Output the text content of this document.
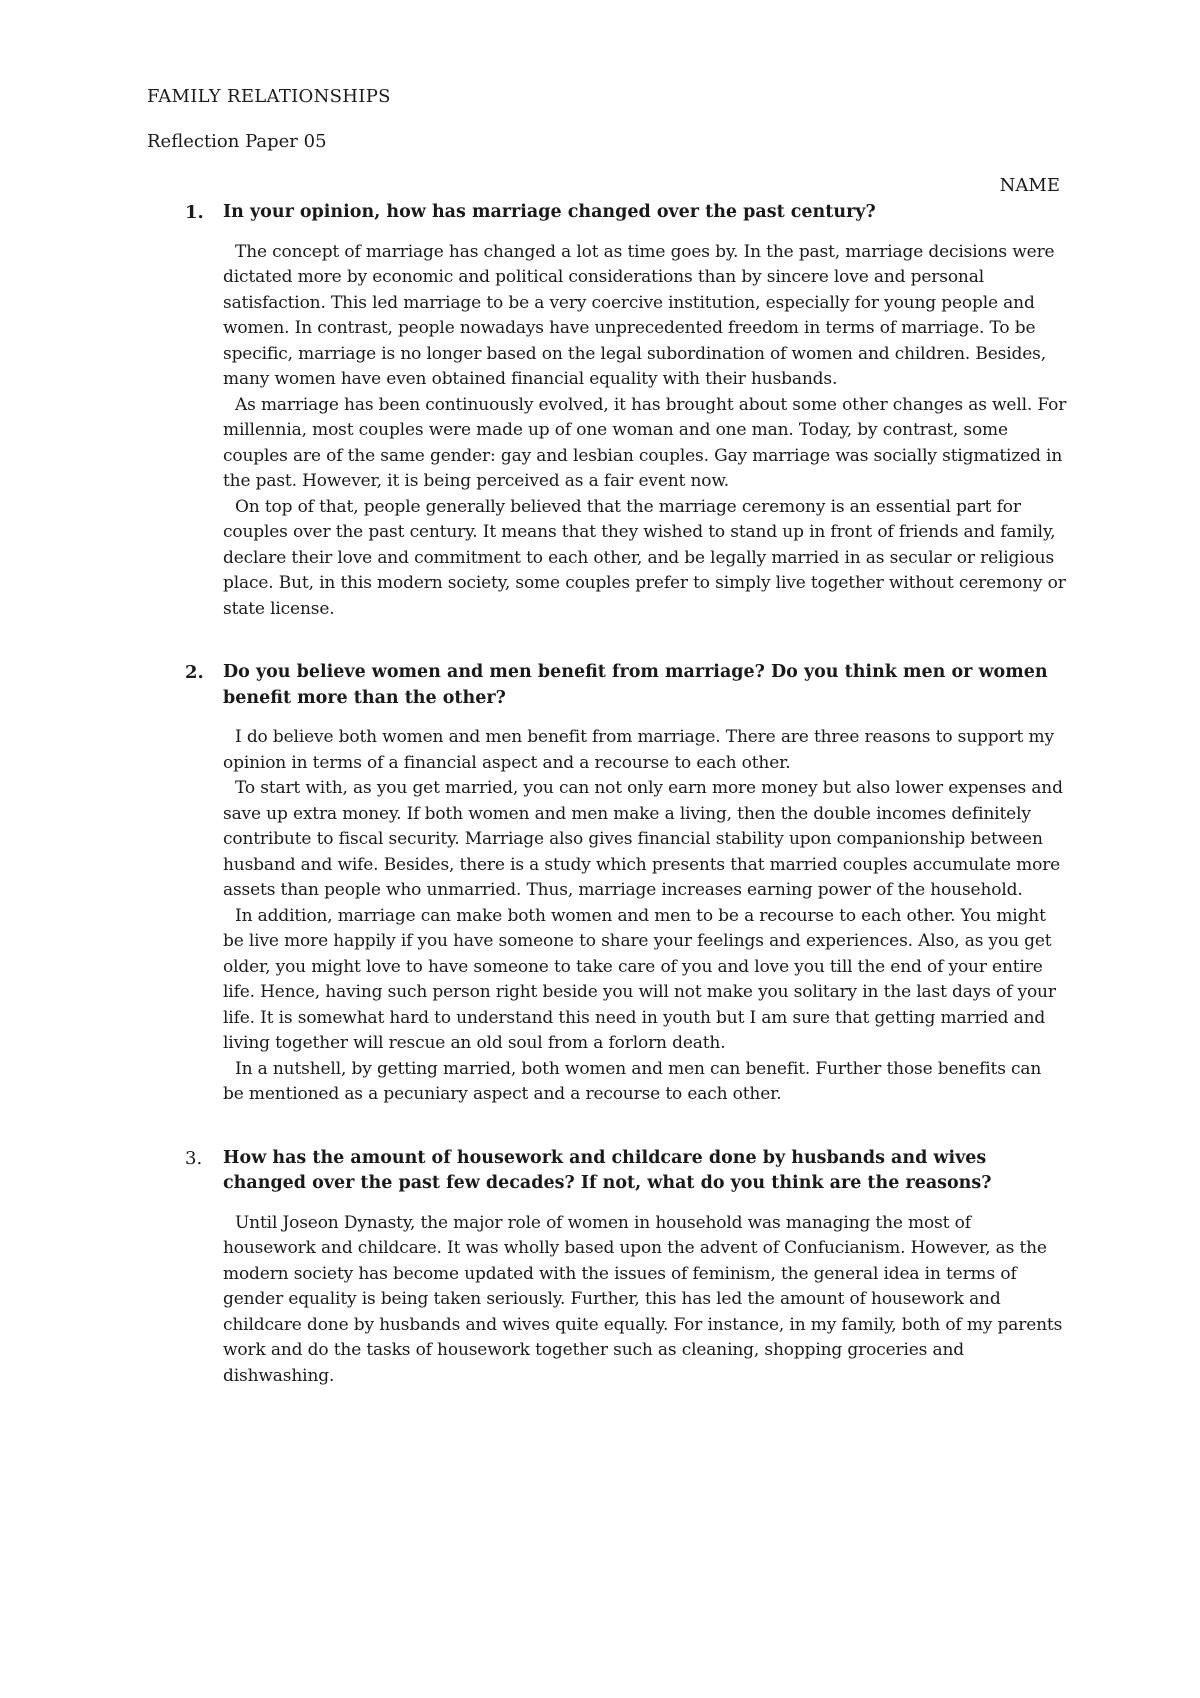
FAMILY RELATIONSHIPS

Reflection Paper 05

NAME

1. In your opinion, how has marriage changed over the past century?

The concept of marriage has changed a lot as time goes by. In the past, marriage decisions were dictated more by economic and political considerations than by sincere love and personal satisfaction. This led marriage to be a very coercive institution, especially for young people and women. In contrast, people nowadays have unprecedented freedom in terms of marriage. To be specific, marriage is no longer based on the legal subordination of women and children. Besides, many women have even obtained financial equality with their husbands.

As marriage has been continuously evolved, it has brought about some other changes as well. For millennia, most couples were made up of one woman and one man. Today, by contrast, some couples are of the same gender: gay and lesbian couples. Gay marriage was socially stigmatized in the past. However, it is being perceived as a fair event now.

On top of that, people generally believed that the marriage ceremony is an essential part for couples over the past century. It means that they wished to stand up in front of friends and family, declare their love and commitment to each other, and be legally married in as secular or religious place. But, in this modern society, some couples prefer to simply live together without ceremony or state license.

2. Do you believe women and men benefit from marriage? Do you think men or women benefit more than the other?

I do believe both women and men benefit from marriage. There are three reasons to support my opinion in terms of a financial aspect and a recourse to each other.

To start with, as you get married, you can not only earn more money but also lower expenses and save up extra money. If both women and men make a living, then the double incomes definitely contribute to fiscal security. Marriage also gives financial stability upon companionship between husband and wife. Besides, there is a study which presents that married couples accumulate more assets than people who unmarried. Thus, marriage increases earning power of the household.

In addition, marriage can make both women and men to be a recourse to each other. You might be live more happily if you have someone to share your feelings and experiences. Also, as you get older, you might love to have someone to take care of you and love you till the end of your entire life. Hence, having such person right beside you will not make you solitary in the last days of your life. It is somewhat hard to understand this need in youth but I am sure that getting married and living together will rescue an old soul from a forlorn death.

In a nutshell, by getting married, both women and men can benefit. Further those benefits can be mentioned as a pecuniary aspect and a recourse to each other.

3. How has the amount of housework and childcare done by husbands and wives changed over the past few decades? If not, what do you think are the reasons?

Until Joseon Dynasty, the major role of women in household was managing the most of housework and childcare. It was wholly based upon the advent of Confucianism. However, as the modern society has become updated with the issues of feminism, the general idea in terms of gender equality is being taken seriously. Further, this has led the amount of housework and childcare done by husbands and wives quite equally. For instance, in my family, both of my parents work and do the tasks of housework together such as cleaning, shopping groceries and dishwashing.
